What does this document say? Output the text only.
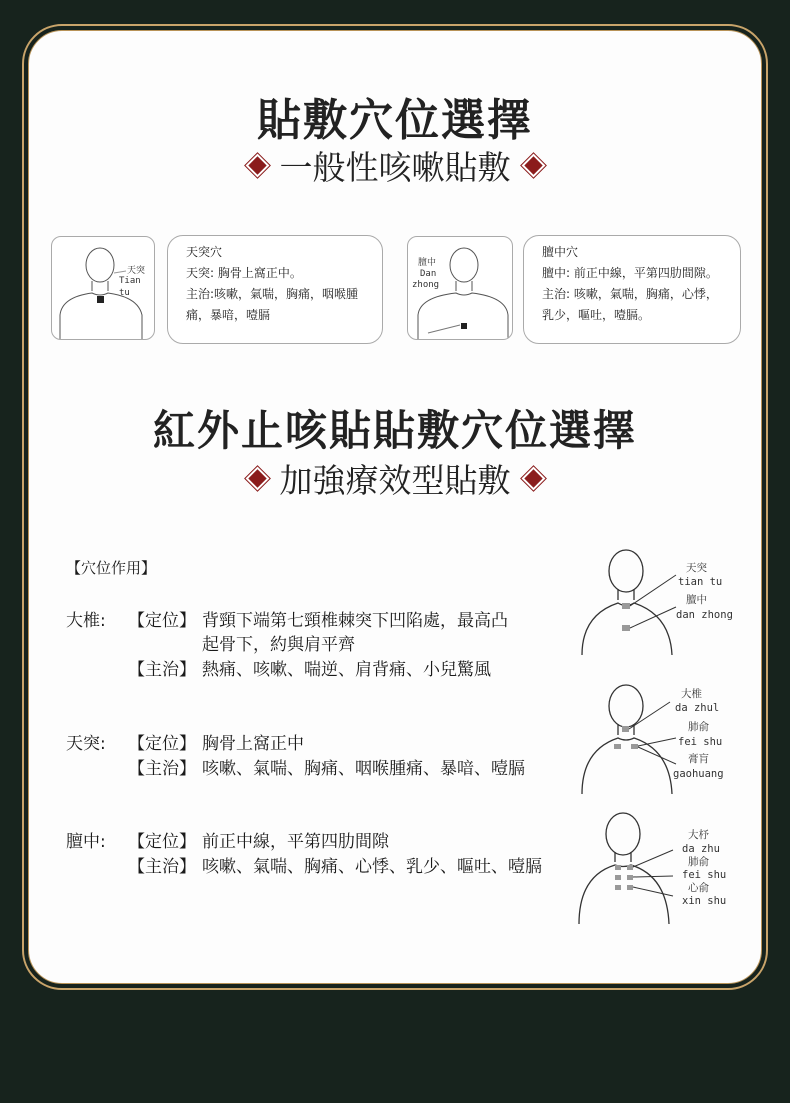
貼敷穴位選擇
一般性咳嗽貼敷
天突
Tian tu
天突穴
天突: 胸骨上窩正中。
主治:咳嗽，氣喘，胸痛，咽喉腫
痛，暴喑，噎膈
膻中
Dan
zhong
膻中穴
膻中: 前正中線，平第四肋間隙。
主治: 咳嗽，氣喘，胸痛，心悸，
乳少，嘔吐，噎膈。
紅外止咳貼貼敷穴位選擇
加強療效型貼敷
【穴位作用】
大椎: 【定位】 背頸下端第七頸椎棘突下凹陷處，最高凸
起骨下，約與肩平齊
【主治】 熱痛、咳嗽、喘逆、肩背痛、小兒驚風
天突: 【定位】 胸骨上窩正中
【主治】 咳嗽、氣喘、胸痛、咽喉腫痛、暴喑、噎膈
膻中: 【定位】 前正中線，平第四肋間隙
【主治】 咳嗽、氣喘、胸痛、心悸、乳少、嘔吐、噎膈
天突
tian tu
膻中
dan zhong
大椎
da zhul
肺俞
fei shu
膏肓
gaohuang
大杼
da zhu
肺俞
fei shu
心俞
xin shu
